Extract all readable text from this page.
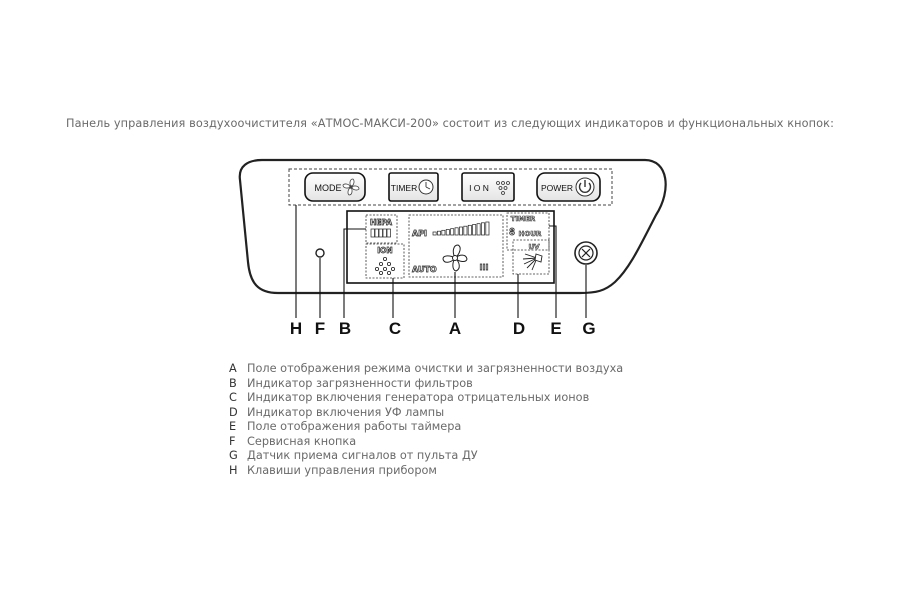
Панель управления воздухоочистителя «АТМОС-МАКСИ-200» состоит из следующих индикаторов и функциональных кнопок:
MODE	TIMER	I O N	POWER
HEPA
ION
API
AUTO	III
TIMER
8 HOUR
UV
H F B C	A	D E G
A Поле отображения режима очистки и загрязненности воздуха
B Индикатор загрязненности фильтров
C Индикатор включения генератора отрицательных ионов
D Индикатор включения УФ лампы
E Поле отображения работы таймера
F Сервисная кнопка
G Датчик приема сигналов от пульта ДУ
H Клавиши управления прибором
